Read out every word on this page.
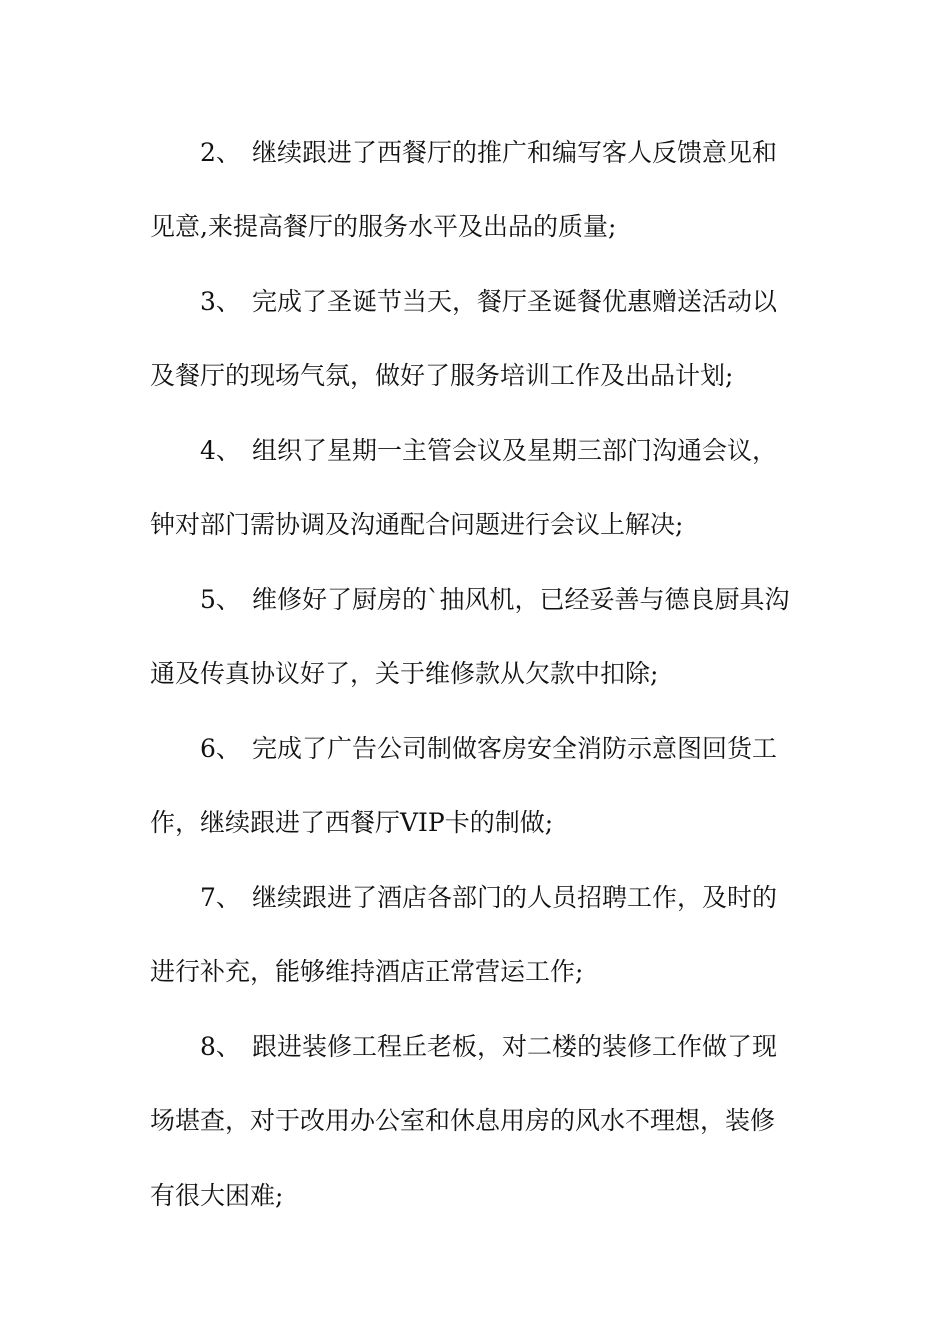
2、 继续跟进了西餐厅的推广和编写客人反馈意见和
见意,来提高餐厅的服务水平及出品的质量;
3、 完成了圣诞节当天，餐厅圣诞餐优惠赠送活动以
及餐厅的现场气氛，做好了服务培训工作及出品计划;
4、 组织了星期一主管会议及星期三部门沟通会议，
钟对部门需协调及沟通配合问题进行会议上解决;
5、 维修好了厨房的`抽风机，已经妥善与德良厨具沟
通及传真协议好了，关于维修款从欠款中扣除;
6、 完成了广告公司制做客房安全消防示意图回货工
作，继续跟进了西餐厅VIP卡的制做;
7、 继续跟进了酒店各部门的人员招聘工作，及时的
进行补充，能够维持酒店正常营运工作;
8、 跟进装修工程丘老板，对二楼的装修工作做了现
场堪查，对于改用办公室和休息用房的风水不理想，装修
有很大困难;
